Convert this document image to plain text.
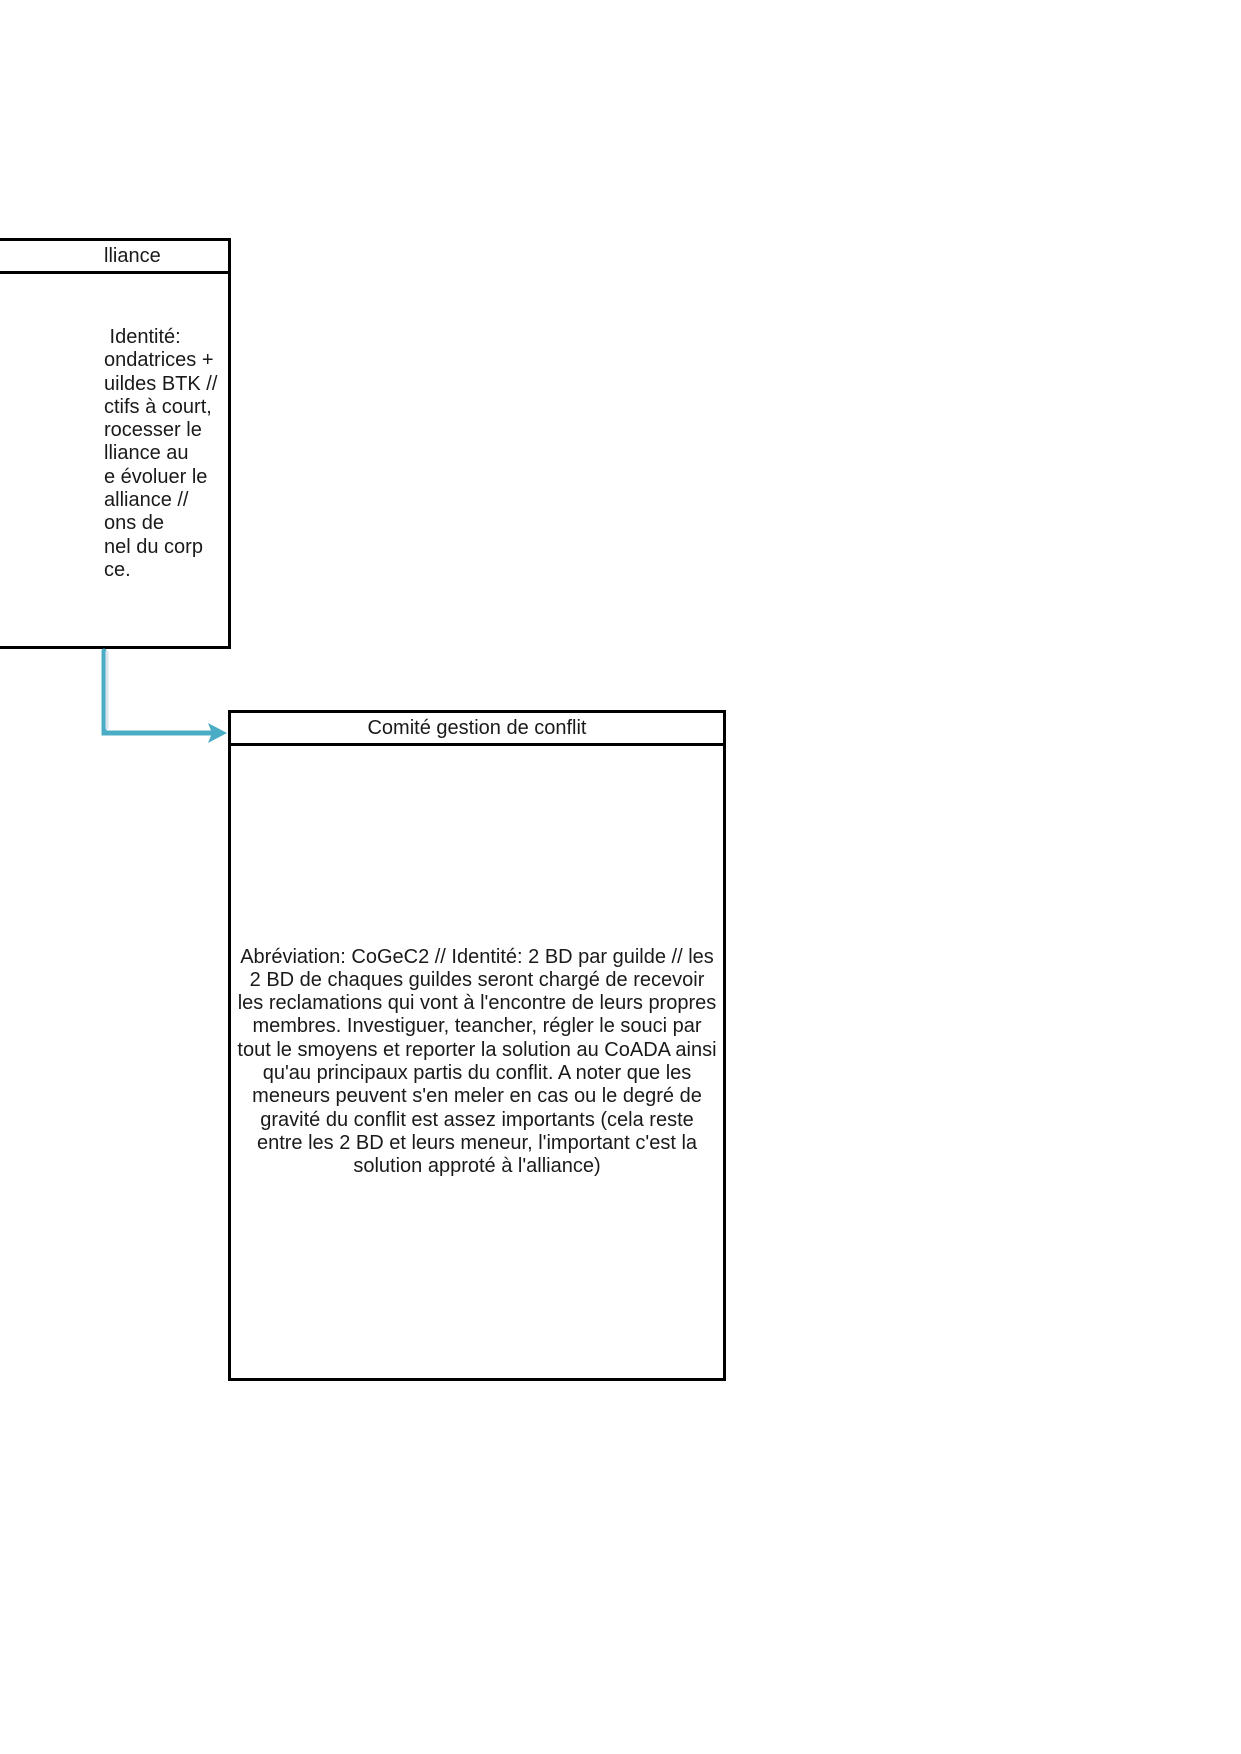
lliance
Identité:
ondatrices +
uildes BTK //
ctifs à court,
rocesser le
lliance au
e évoluer le
alliance //
ons de
nel du corp
ce.
Comité gestion de conflit
Abréviation: CoGeC2 // Identité: 2 BD par guilde // les 2 BD de chaques guildes seront chargé de recevoir les reclamations qui vont à l'encontre de leurs propres membres. Investiguer, teancher, régler le souci par tout le smoyens et reporter la solution au CoADA ainsi qu'au principaux partis du conflit. A noter que les meneurs peuvent s'en meler en cas ou le degré de gravité du conflit est assez importants (cela reste entre les 2 BD et leurs meneur, l'important c'est la solution approté à l'alliance)
